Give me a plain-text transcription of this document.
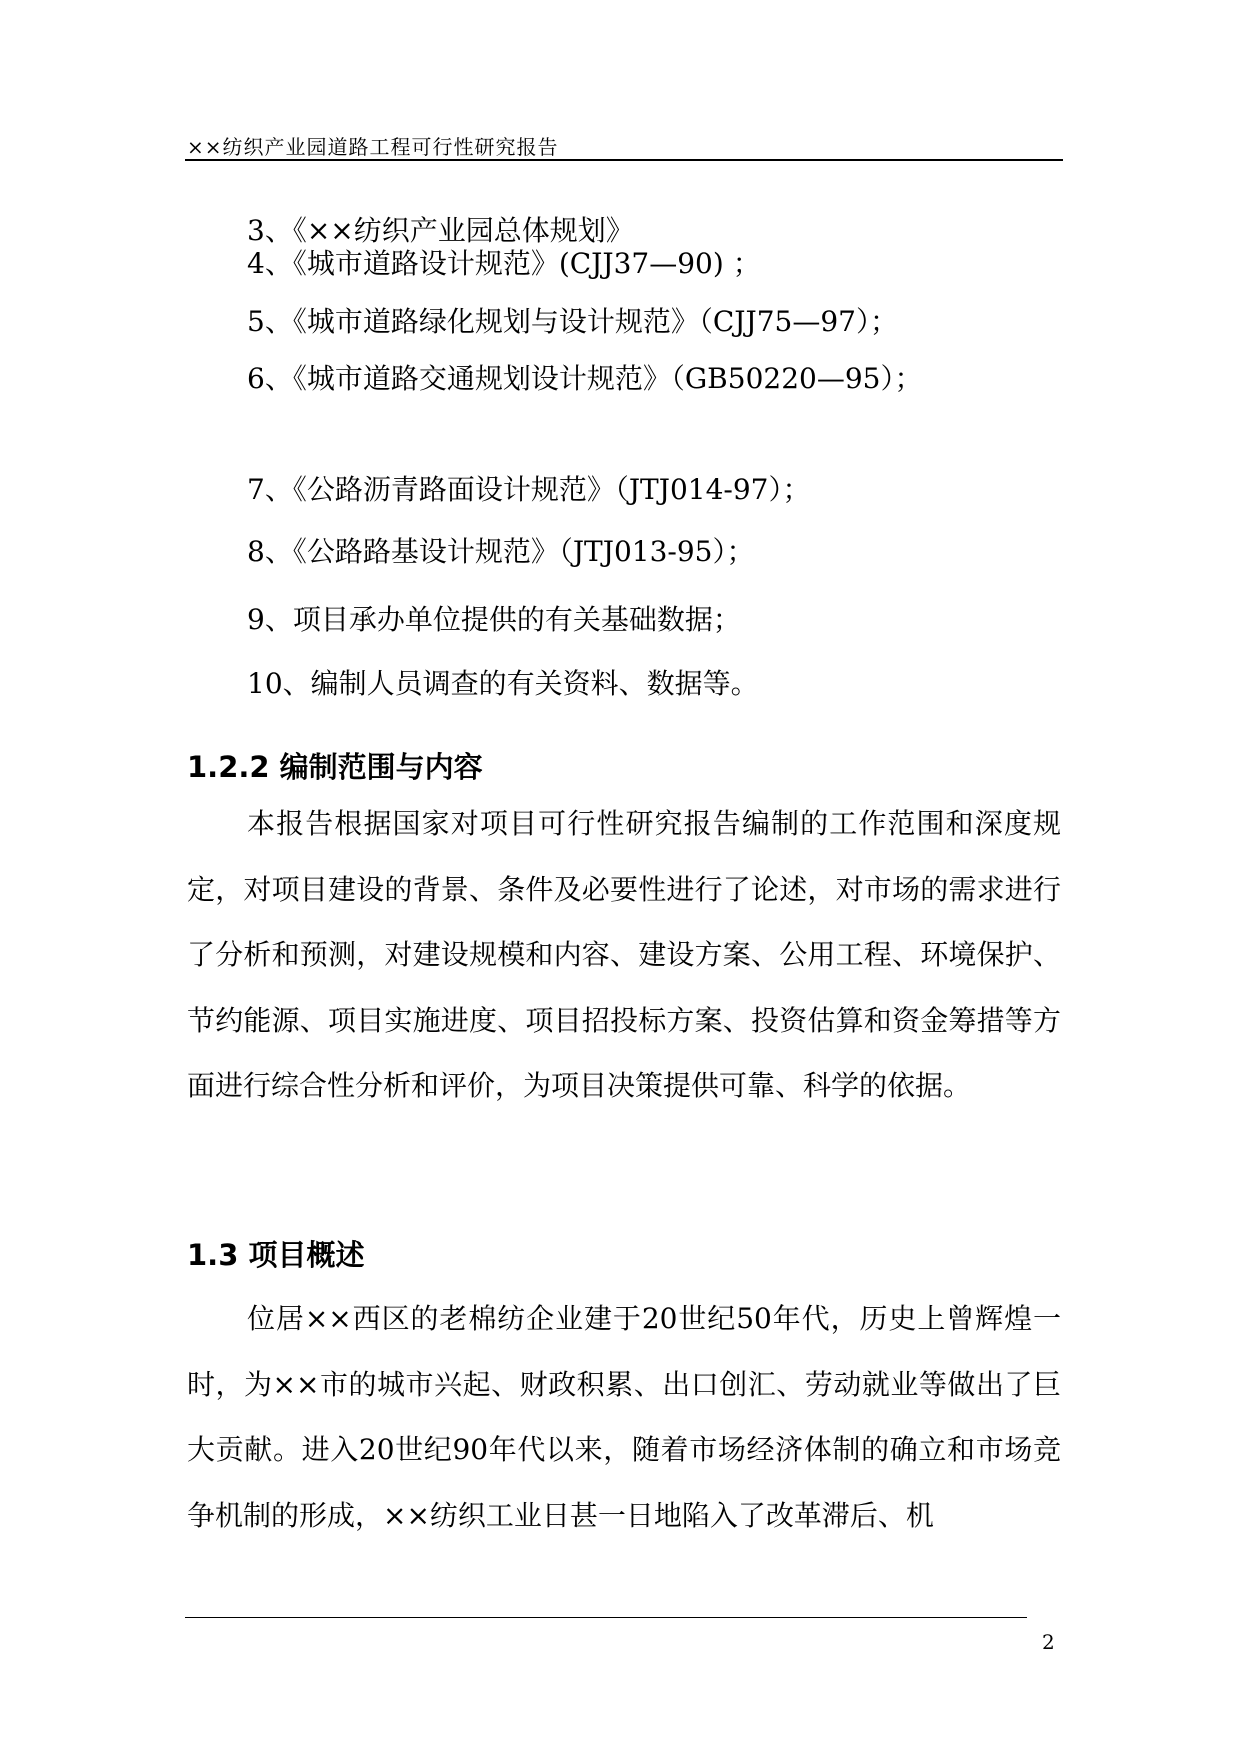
××纺织产业园道路工程可行性研究报告
3、《××纺织产业园总体规划》
4、《城市道路设计规范》(CJJ37—90) ；
5、《城市道路绿化规划与设计规范》（CJJ75—97）；
6、《城市道路交通规划设计规范》（GB50220—95）；
7、《公路沥青路面设计规范》（JTJ014-97）；
8、《公路路基设计规范》（JTJ013-95）；
9、项目承办单位提供的有关基础数据；
10、编制人员调查的有关资料、数据等。
1.2.2 编制范围与内容

本报告根据国家对项目可行性研究报告编制的工作范围和深度规定，对项目建设的背景、条件及必要性进行了论述，对市场的需求进行了分析和预测，对建设规模和内容、建设方案、公用工程、环境保护、节约能源、项目实施进度、项目招投标方案、投资估算和资金筹措等方面进行综合性分析和评价，为项目决策提供可靠、科学的依据。

1.3 项目概述

位居××西区的老棉纺企业建于20世纪50年代，历史上曾辉煌一时，为××市的城市兴起、财政积累、出口创汇、劳动就业等做出了巨大贡献。进入20世纪90年代以来，随着市场经济体制的确立和市场竞争机制的形成，××纺织工业日甚一日地陷入了改革滞后、机

2
